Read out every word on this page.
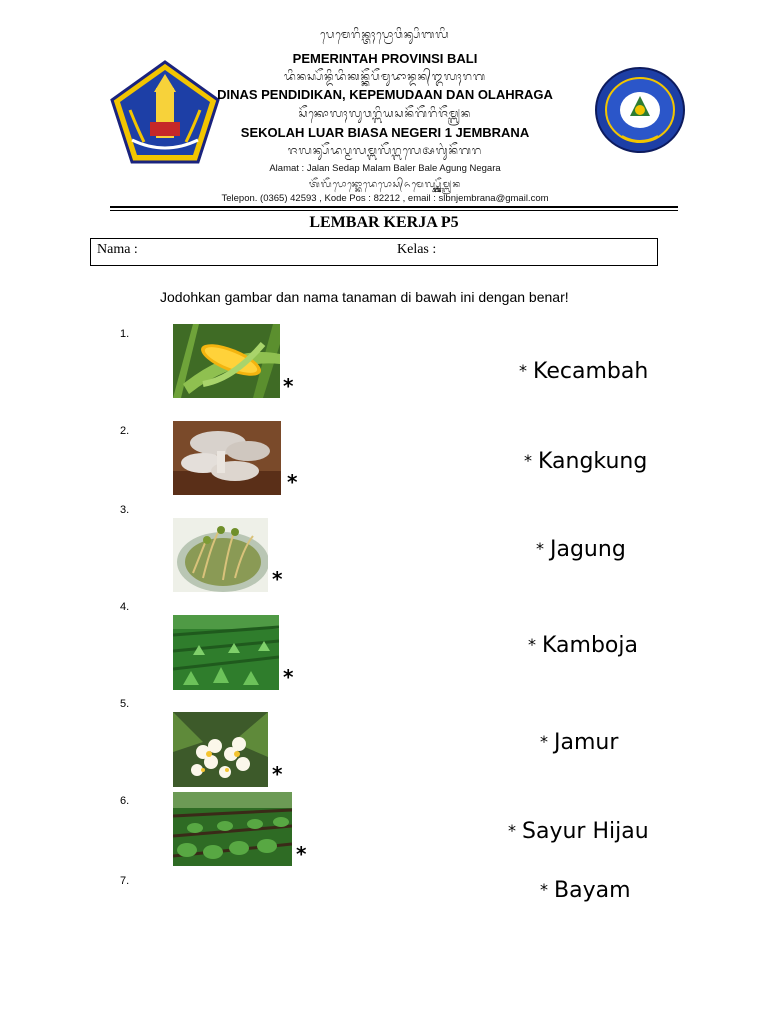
ᬧᬾᬫᬾᬭᬶᬦ᭄ᬢᬄᬧ᭄ᬭᭀᬯᬶᬦ᭄ᬲᬶᬩᬮᬶ
PEMERINTAH PROVINSI BALI
ᬤᬶᬦᬲ᭄ᬧᭂᬦ᭄ᬤᬶᬤᬶᬓᬦ᭄ᬓᭂᬧᭂᬫᬸᬤᬵᬦ᭄ᬤᬦ᭄ᬑᬮᬄᬭᬕ
DINAS PENDIDIKAN, KEPEMUDAAN DAN OLAHRAGA
ᬲᭂᬓᭀᬮᬄᬮᬸᬯᬭ᭄ᬩᬶᬬᬲᬦᭂᬕᭂᬭᬶᬚᭂᬫ᭄ᬩ᭄ᬭᬦ
SEKOLAH LUAR BIASA NEGERI 1 JEMBRANA
ᬚᬮᬦ᭄ᬲᭂᬤᬧ᭄ᬫᬮᬫ᭄ᬩᬮᭂᬭ᭄ᬩᬮᬾᬅᬕᬸᬂᬦᭂᬕᬭ
Alamat : Jalan Sedap Malam Baler Bale Agung Negara
ᬢᭂᬮᭂᬧᭀᬦ᭄ᬓᭀᬤᬾᬧᭀᬲ᭄ᬏᬫᬾᬮ᭄ᬲ᭄ᬮ᭄ᬩ᭄ᬦ᭄ᬚᭂᬫ᭄ᬩ᭄ᬭᬦ
Telepon. (0365) 42593 , Kode Pos : 82212 , email : slbnjembrana@gmail.com
LEMBAR KERJA P5
Nama :	Kelas :
Jodohkan gambar dan nama tanaman di bawah ini dengan benar!
1.
2.
3.
4.
5.
6.
7.
*
*
*
*
*
*
* Kecambah
* Kangkung
* Jagung
* Kamboja
* Jamur
* Sayur Hijau
* Bayam
